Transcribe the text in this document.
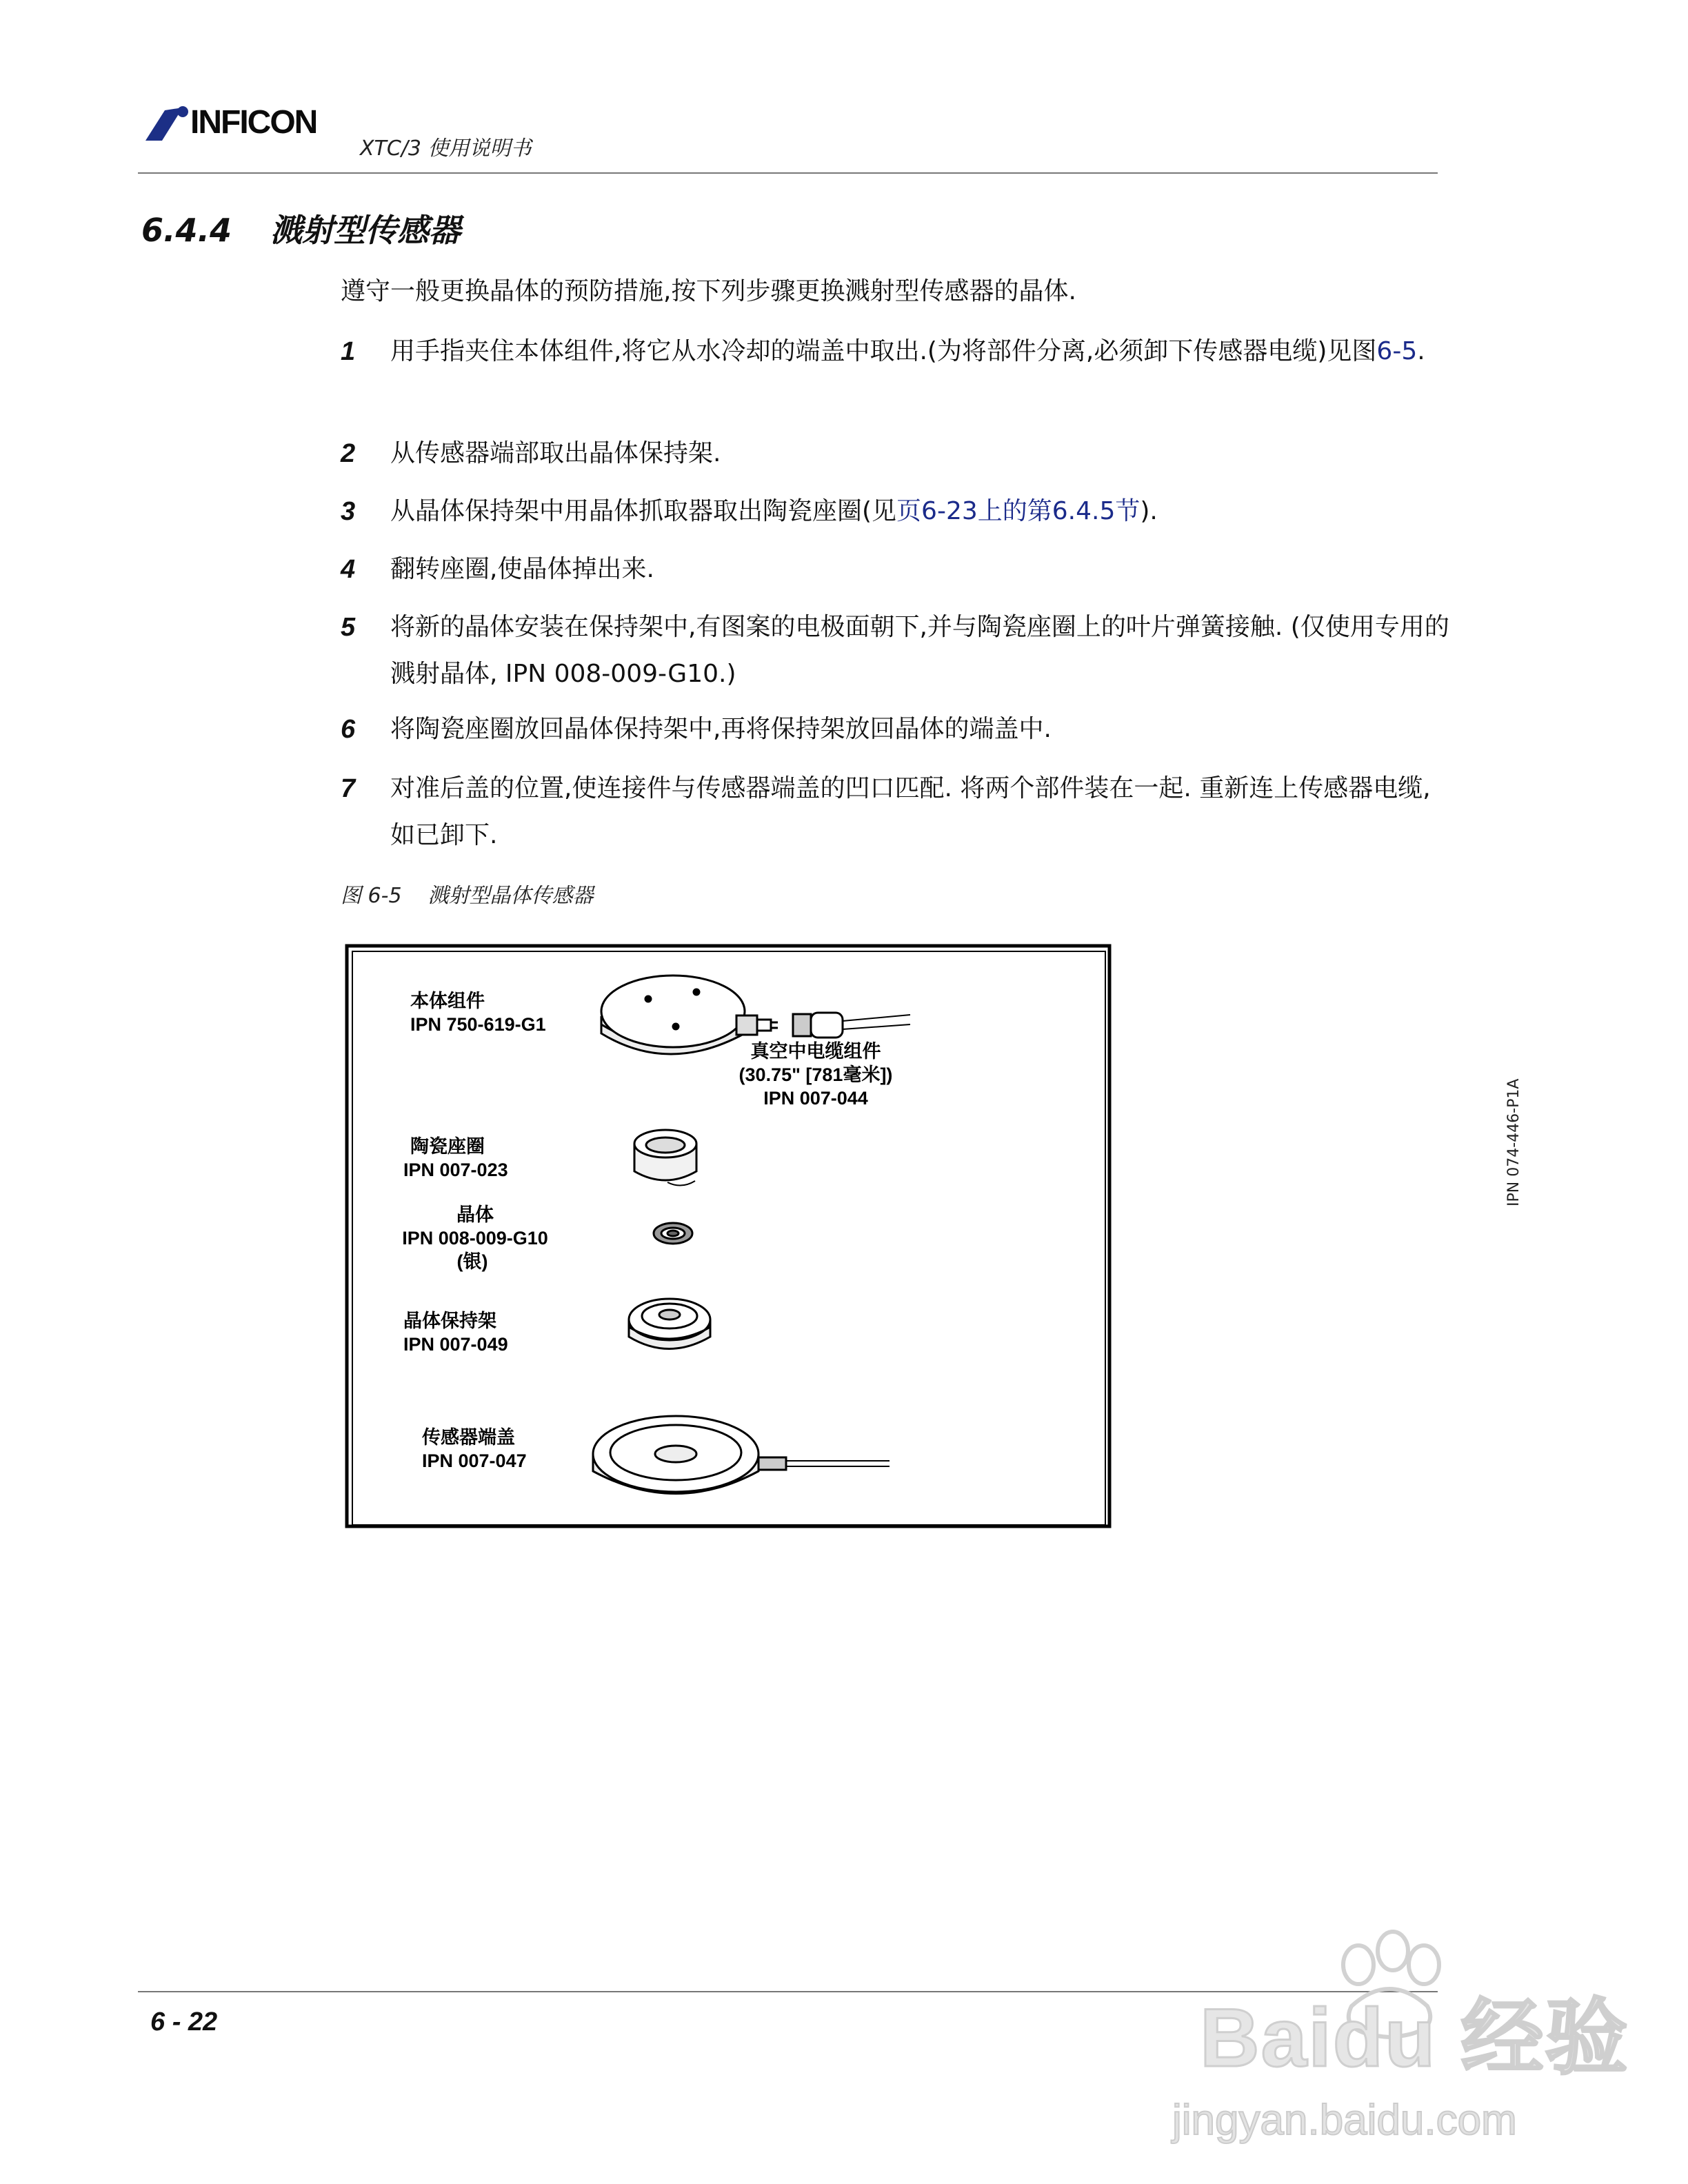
INFICON
XTC/3 使用说明书
6.4.4 溅射型传感器
遵守一般更换晶体的预防措施,按下列步骤更换溅射型传感器的晶体.
1 用手指夹住本体组件,将它从水冷却的端盖中取出.(为将部件分离,必须卸下传感器电缆)见图6-5.
2 从传感器端部取出晶体保持架.
3 从晶体保持架中用晶体抓取器取出陶瓷座圈(见页6-23上的第6.4.5节).
4 翻转座圈,使晶体掉出来.
5 将新的晶体安装在保持架中,有图案的电极面朝下,并与陶瓷座圈上的叶片弹簧接触. (仅使用专用的溅射晶体, IPN 008-009-G10.)
6 将陶瓷座圈放回晶体保持架中,再将保持架放回晶体的端盖中.
7 对准后盖的位置,使连接件与传感器端盖的凹口匹配. 将两个部件装在一起. 重新连上传感器电缆,如已卸下.
图 6-5 溅射型晶体传感器
本体组件
IPN 750-619-G1
真空中电缆组件
(30.75" [781毫米])
IPN 007-044
陶瓷座圈
IPN 007-023
晶体
IPN 008-009-G10
(银)
晶体保持架
IPN 007-049
传感器端盖
IPN 007-047
IPN 074-446-P1A
6 - 22	Baidu 经验
jingyan.baidu.com
